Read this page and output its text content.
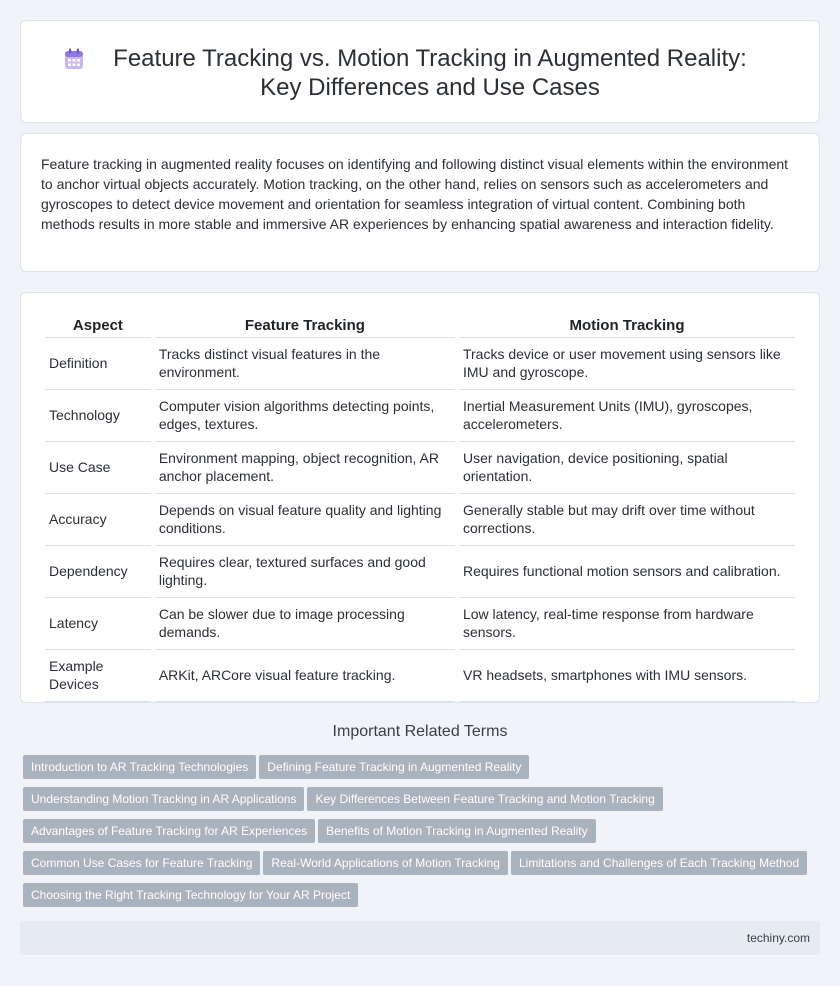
Feature Tracking vs. Motion Tracking in Augmented Reality: Key Differences and Use Cases

Feature tracking in augmented reality focuses on identifying and following distinct visual elements within the environment to anchor virtual objects accurately. Motion tracking, on the other hand, relies on sensors such as accelerometers and gyroscopes to detect device movement and orientation for seamless integration of virtual content. Combining both methods results in more stable and immersive AR experiences by enhancing spatial awareness and interaction fidelity.

Aspect	Feature Tracking	Motion Tracking
Definition	Tracks distinct visual features in the environment.	Tracks device or user movement using sensors like IMU and gyroscope.
Technology	Computer vision algorithms detecting points, edges, textures.	Inertial Measurement Units (IMU), gyroscopes, accelerometers.
Use Case	Environment mapping, object recognition, AR anchor placement.	User navigation, device positioning, spatial orientation.
Accuracy	Depends on visual feature quality and lighting conditions.	Generally stable but may drift over time without corrections.
Dependency	Requires clear, textured surfaces and good lighting.	Requires functional motion sensors and calibration.
Latency	Can be slower due to image processing demands.	Low latency, real-time response from hardware sensors.
Example Devices	ARKit, ARCore visual feature tracking.	VR headsets, smartphones with IMU sensors.
Important Related Terms
Introduction to AR Tracking Technologies Defining Feature Tracking in Augmented Reality
Understanding Motion Tracking in AR Applications Key Differences Between Feature Tracking and Motion Tracking
Advantages of Feature Tracking for AR Experiences Benefits of Motion Tracking in Augmented Reality
Common Use Cases for Feature Tracking Real-World Applications of Motion Tracking Limitations and Challenges of Each Tracking Method
Choosing the Right Tracking Technology for Your AR Project
techiny.com
